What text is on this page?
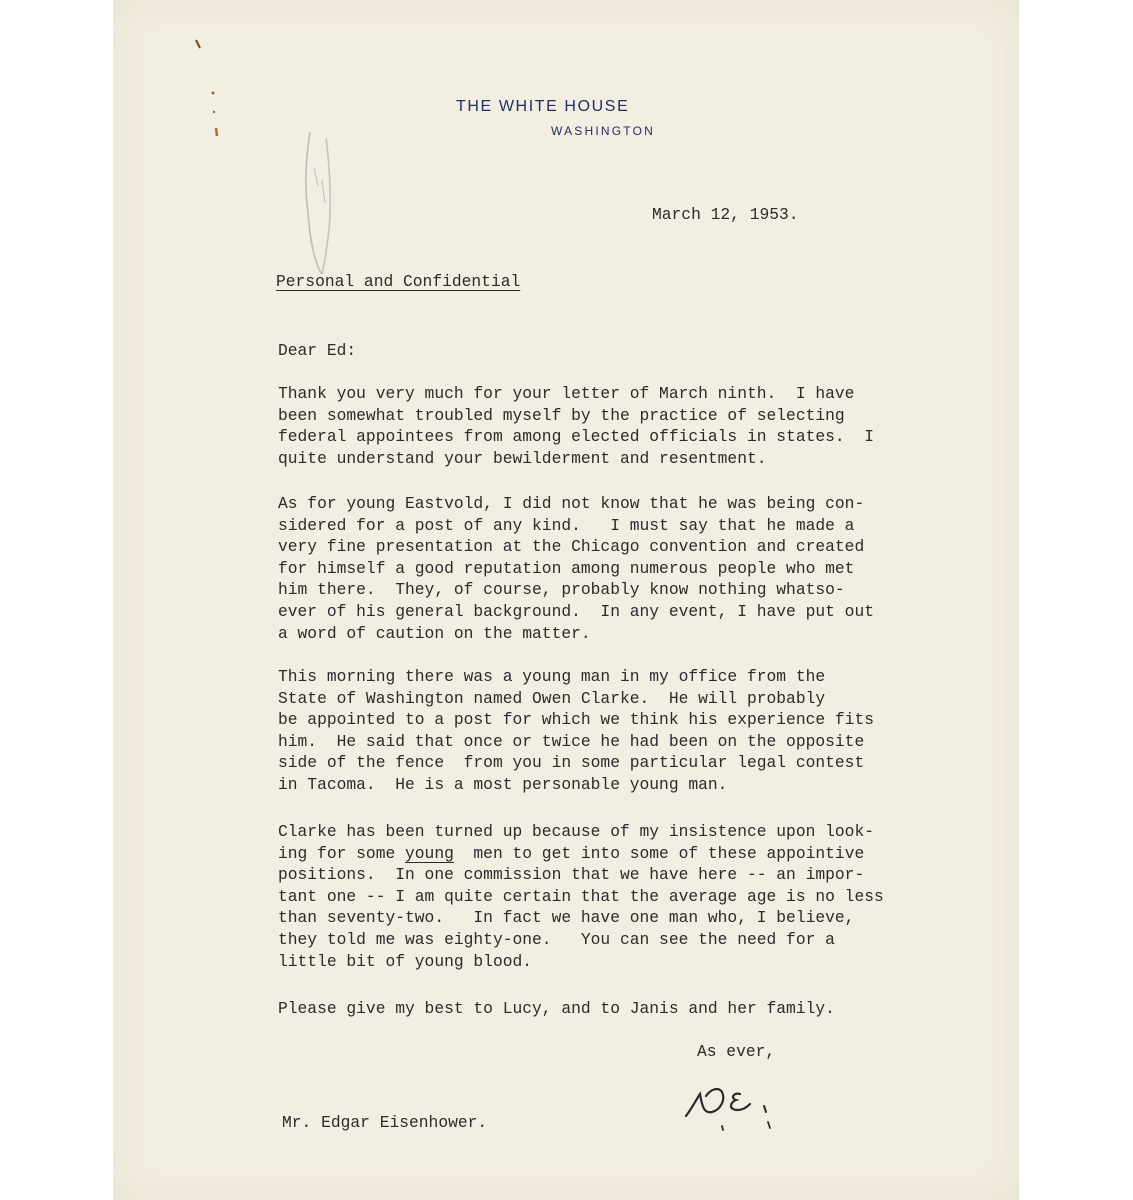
THE WHITE HOUSE
WASHINGTON
March 12, 1953.
Personal and Confidential
Dear Ed:
Thank you very much for your letter of March ninth.  I have
been somewhat troubled myself by the practice of selecting
federal appointees from among elected officials in states.  I
quite understand your bewilderment and resentment.
As for young Eastvold, I did not know that he was being con-
sidered for a post of any kind.   I must say that he made a
very fine presentation at the Chicago convention and created
for himself a good reputation among numerous people who met
him there.  They, of course, probably know nothing whatso-
ever of his general background.  In any event, I have put out
a word of caution on the matter.
This morning there was a young man in my office from the
State of Washington named Owen Clarke.  He will probably
be appointed to a post for which we think his experience fits
him.  He said that once or twice he had been on the opposite
side of the fence  from you in some particular legal contest
in Tacoma.  He is a most personable young man.
Clarke has been turned up because of my insistence upon look-
ing for some young  men to get into some of these appointive
positions.  In one commission that we have here -- an impor-
tant one -- I am quite certain that the average age is no less
than seventy-two.   In fact we have one man who, I believe,
they told me was eighty-one.   You can see the need for a
little bit of young blood.
Please give my best to Lucy, and to Janis and her family.
As ever,
Mr. Edgar Eisenhower.
